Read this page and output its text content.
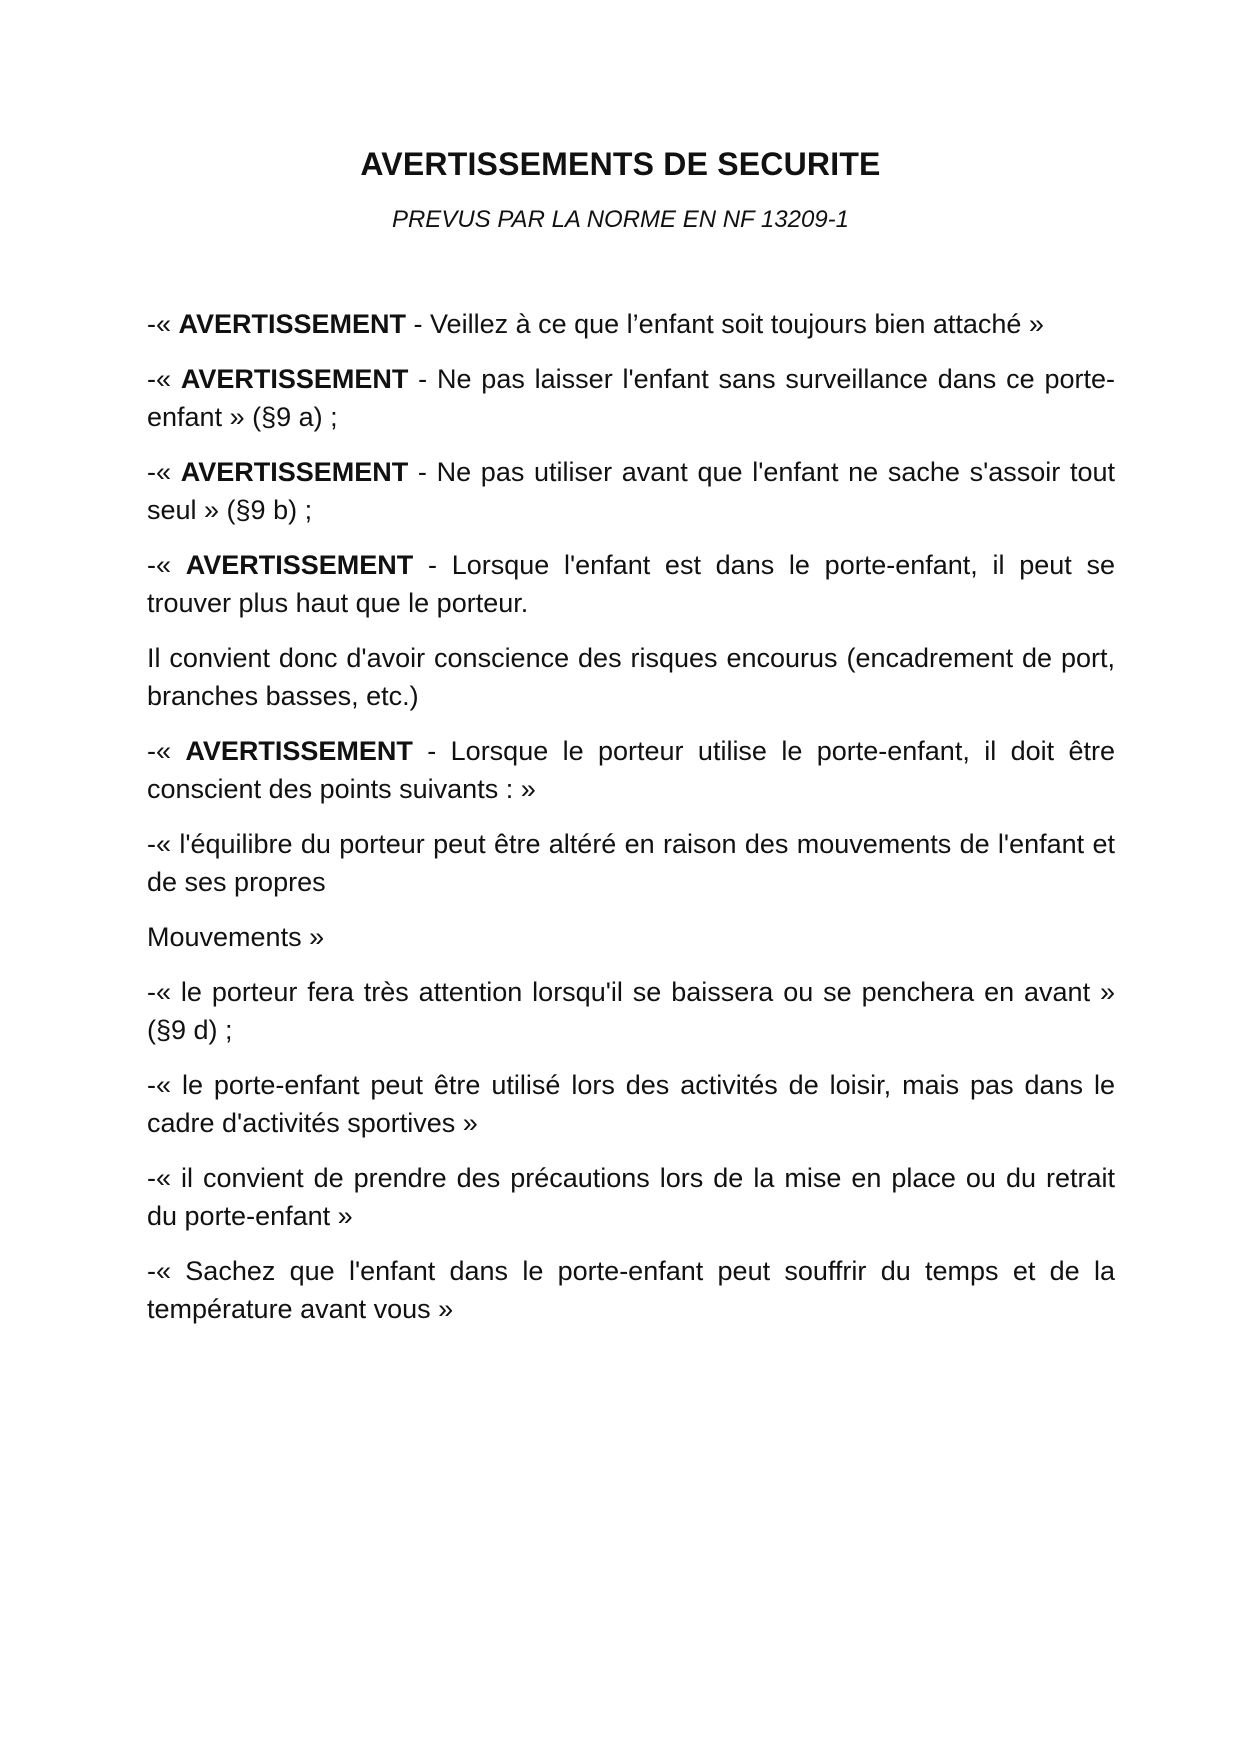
AVERTISSEMENTS DE SECURITE

PREVUS PAR LA NORME EN NF 13209-1

-« AVERTISSEMENT - Veillez à ce que l’enfant soit toujours bien attaché »

-« AVERTISSEMENT - Ne pas laisser l'enfant sans surveillance dans ce porte-enfant » (§9 a) ;

-« AVERTISSEMENT - Ne pas utiliser avant que l'enfant ne sache s'assoir tout seul » (§9 b) ;

-« AVERTISSEMENT - Lorsque l'enfant est dans le porte-enfant, il peut se trouver plus haut que le porteur.

Il convient donc d'avoir conscience des risques encourus (encadrement de port, branches basses, etc.)

-« AVERTISSEMENT - Lorsque le porteur utilise le porte-enfant, il doit être conscient des points suivants : »

-« l'équilibre du porteur peut être altéré en raison des mouvements de l'enfant et de ses propres

Mouvements »

-« le porteur fera très attention lorsqu'il se baissera ou se penchera en avant » (§9 d) ;

-« le porte-enfant peut être utilisé lors des activités de loisir, mais pas dans le cadre d'activités sportives »

-« il convient de prendre des précautions lors de la mise en place ou du retrait du porte-enfant »

-« Sachez que l'enfant dans le porte-enfant peut souffrir du temps et de la température avant vous »
